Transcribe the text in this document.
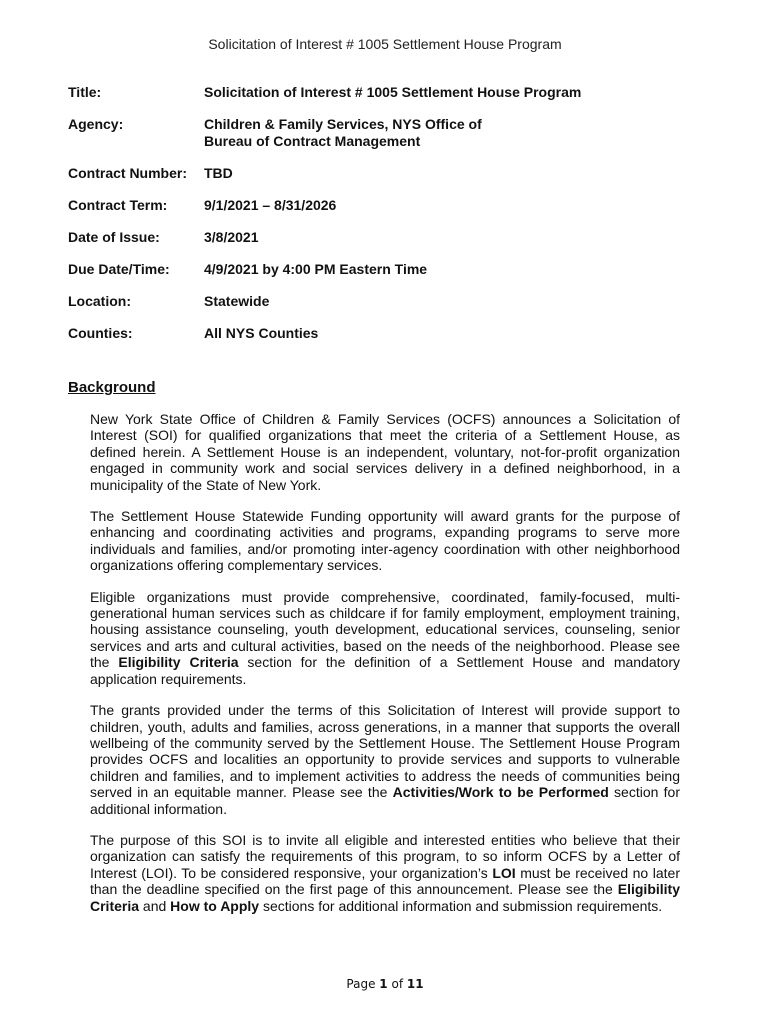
Solicitation of Interest # 1005 Settlement House Program
Title:	Solicitation of Interest # 1005 Settlement House Program
Agency:	Children & Family Services, NYS Office of
Bureau of Contract Management
Contract Number:	TBD
Contract Term:	9/1/2021 – 8/31/2026
Date of Issue:	3/8/2021
Due Date/Time:	4/9/2021 by 4:00 PM Eastern Time
Location:	Statewide
Counties:	All NYS Counties
Background

New York State Office of Children & Family Services (OCFS) announces a Solicitation of Interest (SOI) for qualified organizations that meet the criteria of a Settlement House, as defined herein. A Settlement House is an independent, voluntary, not-for-profit organization engaged in community work and social services delivery in a defined neighborhood, in a municipality of the State of New York.

The Settlement House Statewide Funding opportunity will award grants for the purpose of enhancing and coordinating activities and programs, expanding programs to serve more individuals and families, and/or promoting inter-agency coordination with other neighborhood organizations offering complementary services.

Eligible organizations must provide comprehensive, coordinated, family-focused, multi-generational human services such as childcare if for family employment, employment training, housing assistance counseling, youth development, educational services, counseling, senior services and arts and cultural activities, based on the needs of the neighborhood. Please see the Eligibility Criteria section for the definition of a Settlement House and mandatory application requirements.

The grants provided under the terms of this Solicitation of Interest will provide support to children, youth, adults and families, across generations, in a manner that supports the overall wellbeing of the community served by the Settlement House. The Settlement House Program provides OCFS and localities an opportunity to provide services and supports to vulnerable children and families, and to implement activities to address the needs of communities being served in an equitable manner. Please see the Activities/Work to be Performed section for additional information.

The purpose of this SOI is to invite all eligible and interested entities who believe that their organization can satisfy the requirements of this program, to so inform OCFS by a Letter of Interest (LOI). To be considered responsive, your organization’s LOI must be received no later than the deadline specified on the first page of this announcement. Please see the Eligibility Criteria and How to Apply sections for additional information and submission requirements.

Page 1 of 11
